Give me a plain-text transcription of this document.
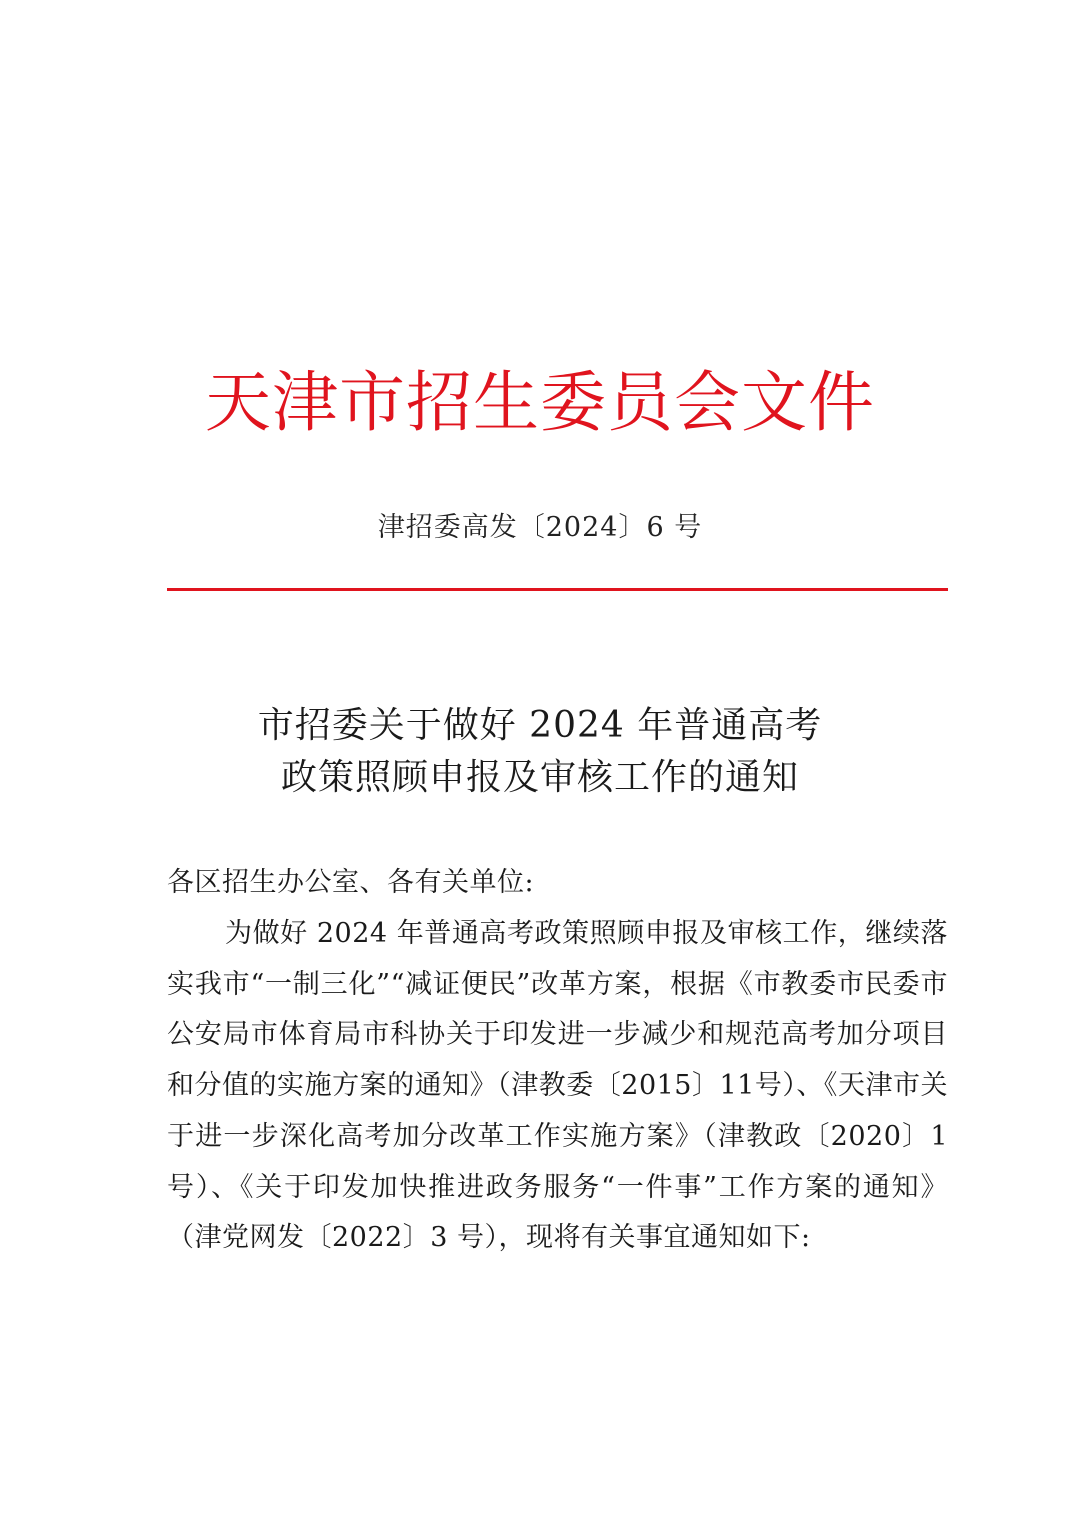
天津市招生委员会文件
津招委高发〔2024〕6 号
市招委关于做好 2024 年普通高考
政策照顾申报及审核工作的通知
各区招生办公室、各有关单位:
为做好 2024 年普通高考政策照顾申报及审核工作，继续落实我市“一制三化”“减证便民”改革方案，根据《市教委市民委市公安局市体育局市科协关于印发进一步减少和规范高考加分项目和分值的实施方案的通知》（津教委〔2015〕11号）、《天津市关于进一步深化高考加分改革工作实施方案》（津教政〔2020〕1 号）、《关于印发加快推进政务服务“一件事”工作方案的通知》（津党网发〔2022〕3 号），现将有关事宜通知如下:
